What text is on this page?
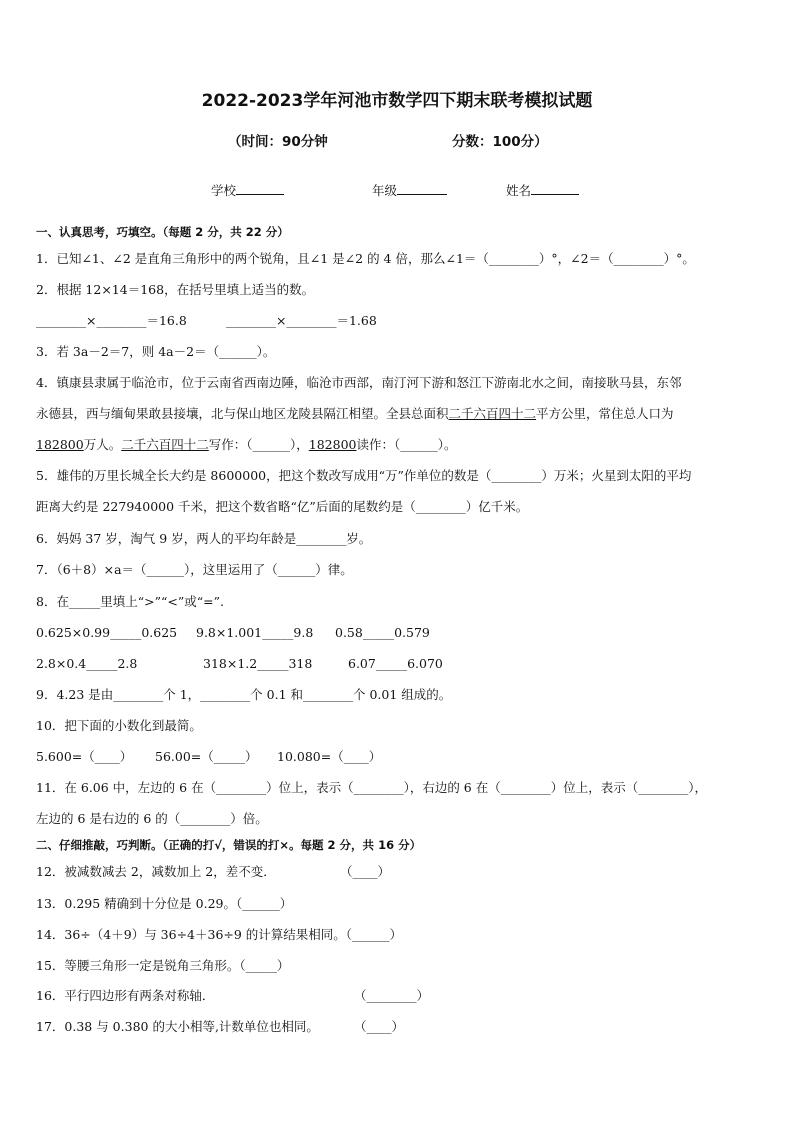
2022-2023学年河池市数学四下期末联考模拟试题
（时间：90分钟	分数：100分）
学校	年级	姓名
一、认真思考，巧填空。（每题 2 分，共 22 分）
1．已知∠1、∠2 是直角三角形中的两个锐角，且∠1 是∠2 的 4 倍，那么∠1＝（________）°，∠2＝（________）°。
2．根据 12×14＝168，在括号里填上适当的数。
________×________＝16.8	________×________＝1.68
3．若 3a－2＝7，则 4a－2＝（______）。
4．镇康县隶属于临沧市，位于云南省西南边陲，临沧市西部，南汀河下游和怒江下游南北水之间，南接耿马县，东邻
永德县，西与缅甸果敢县接壤，北与保山地区龙陵县隔江相望。全县总面积二千六百四十二平方公里，常住总人口为
182800万人。二千六百四十二写作：（______），182800读作：（______）。
5．雄伟的万里长城全长大约是 8600000，把这个数改写成用“万”作单位的数是（________）万米；火星到太阳的平均
距离大约是 227940000 千米，把这个数省略“亿”后面的尾数约是（________）亿千米。
6．妈妈 37 岁，淘气 9 岁，两人的平均年龄是________岁。
7．（6＋8）×a＝（______），这里运用了（______）律。
8．在_____里填上“>”“<”或“=”.
0.625×0.99_____0.625 9.8×1.001_____9.8 0.58_____0.579
2.8×0.4_____2.8	318×1.2_____318	6.07_____6.070
9．4.23 是由________个 1，________个 0.1 和________个 0.01 组成的。
10．把下面的小数化到最简。
5.600=（____） 56.00=（_____） 10.080=（____）
11．在 6.06 中，左边的 6 在（________）位上，表示（________），右边的 6 在（________）位上，表示（________），
左边的 6 是右边的 6 的（________）倍。
二、仔细推敲，巧判断。（正确的打√，错误的打×。每题 2 分，共 16 分）
12．被减数减去 2，减数加上 2，差不变．	（____）
13．0.295 精确到十分位是 0.29。（______）
14．36÷（4＋9）与 36÷4＋36÷9 的计算结果相同。（______）
15．等腰三角形一定是锐角三角形。（_____）
16．平行四边形有两条对称轴．	（________）
17．0.38 与 0.380 的大小相等,计数单位也相同。	（____）
